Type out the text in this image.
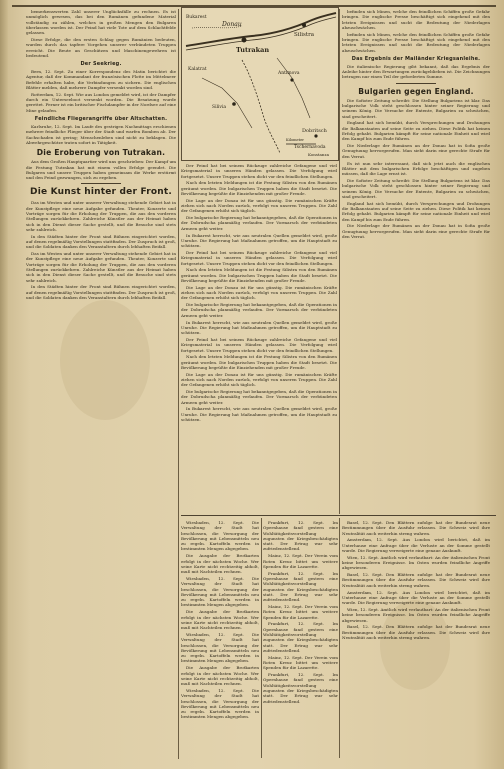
bemerkenswerten Zahl unserer Unglücksfälle zu rechnen. Es ist unmöglich gewesen, das bei den Rumänen gefundene Material vollständig zu zählen, welches in großen Mengen den Bulgaren überlassen worden ist. Der Feind hat viele Tote auf dem Schlachtfelde gelassen.

Diese Erfolge, die den ersten Schlag gegen Rumänien bedeuten, wurden durch das tapfere Vorgehen unserer verbündeten Truppen erreicht. Die Beute an Geschützen und Maschinengewehren ist bedeutend.

Der Seekrieg.

Bern, 12. Sept. Zu einer Korrespondenz des Matin berichtet die Agentur, daß der Kommandant der französischen Flotte im Mittelmeer Befehle erhalten habe, die Verbindungen zu sichern. Die englischen Blätter melden, daß mehrere Dampfer versenkt worden sind.

Rotterdam, 12. Sept. Wie aus London gemeldet wird, ist der Dampfer durch ein Unterseeboot versenkt worden. Die Besatzung wurde gerettet. Ferner ist ein britischer Fischdampfer in der Nordsee auf eine Mine gelaufen.

Feindliche Fliegerangriffe über Altschatten.

Karlsruhe, 12. Sept. Im Laufe des gestrigen Nachmittags erschienen mehrere feindliche Flieger über der Stadt und warfen Bomben ab. Der Sachschaden ist gering; Menschenleben sind nicht zu beklagen. Die Abwehrgeschütze traten sofort in Tätigkeit.

Die Eroberung von Tutrakan.

Aus dem Großen Hauptquartier wird uns geschrieben: Der Kampf um die Festung Tutrakan hat mit einem vollen Erfolge geendet. Die Bulgaren und unsere Truppen haben gemeinsam die Werke erstürmt und den Feind gezwungen, sich zu ergeben.

Die Kunst hinter der Front.

Das im Westen und unter unserer Verwaltung stehende Gebiet hat in der Kunstpflege eine neue Aufgabe gefunden. Theater, Konzerte und Vorträge sorgen für die Erholung der Truppen, die aus den vorderen Stellungen zurückkehren. Zahlreiche Künstler aus der Heimat haben sich in den Dienst dieser Sache gestellt, und die Besuche sind stets sehr zahlreich.

In den Städten hinter der Front sind Bühnen eingerichtet worden, auf denen regelmäßig Vorstellungen stattfinden. Der Zuspruch ist groß, und die Soldaten danken den Veranstaltern durch lebhaften Beifall.

Das im Westen und unter unserer Verwaltung stehende Gebiet hat in der Kunstpflege eine neue Aufgabe gefunden. Theater, Konzerte und Vorträge sorgen für die Erholung der Truppen, die aus den vorderen Stellungen zurückkehren. Zahlreiche Künstler aus der Heimat haben sich in den Dienst dieser Sache gestellt, und die Besuche sind stets sehr zahlreich.

In den Städten hinter der Front sind Bühnen eingerichtet worden, auf denen regelmäßig Vorstellungen stattfinden. Der Zuspruch ist groß, und die Soldaten danken den Veranstaltern durch lebhaften Beifall.

Donau
Tutrakan
Silistra
Dobritsch
Kalatrat
Bukarest
Silivia
Antimova
Tschernavoda
Konstanza
Kilometer

Der Feind hat bei seinem Rückzuge zahlreiche Gefangene und viel Kriegsmaterial in unseren Händen gelassen. Die Verfolgung wird fortgesetzt. Unsere Truppen stehen dicht vor den feindlichen Stellungen.

Nach den letzten Meldungen ist die Festung Silistra von den Rumänen geräumt worden. Die bulgarischen Truppen haben die Stadt besetzt. Die Bevölkerung begrüßte die Einziehenden mit großer Freude.

Die Lage an der Donau ist für uns günstig. Die rumänischen Kräfte ziehen sich nach Norden zurück, verfolgt von unseren Truppen. Die Zahl der Gefangenen erhöht sich täglich.

Die bulgarische Regierung hat bekanntgegeben, daß die Operationen in der Dobrudscha planmäßig verlaufen. Der Vormarsch der verbündeten Armeen geht weiter.

In Bukarest herrscht, wie aus neutralen Quellen gemeldet wird, große Unruhe. Die Regierung hat Maßnahmen getroffen, um die Hauptstadt zu schützen.

Der Feind hat bei seinem Rückzuge zahlreiche Gefangene und viel Kriegsmaterial in unseren Händen gelassen. Die Verfolgung wird fortgesetzt. Unsere Truppen stehen dicht vor den feindlichen Stellungen.

Nach den letzten Meldungen ist die Festung Silistra von den Rumänen geräumt worden. Die bulgarischen Truppen haben die Stadt besetzt. Die Bevölkerung begrüßte die Einziehenden mit großer Freude.

Die Lage an der Donau ist für uns günstig. Die rumänischen Kräfte ziehen sich nach Norden zurück, verfolgt von unseren Truppen. Die Zahl der Gefangenen erhöht sich täglich.

Die bulgarische Regierung hat bekanntgegeben, daß die Operationen in der Dobrudscha planmäßig verlaufen. Der Vormarsch der verbündeten Armeen geht weiter.

In Bukarest herrscht, wie aus neutralen Quellen gemeldet wird, große Unruhe. Die Regierung hat Maßnahmen getroffen, um die Hauptstadt zu schützen.

Der Feind hat bei seinem Rückzuge zahlreiche Gefangene und viel Kriegsmaterial in unseren Händen gelassen. Die Verfolgung wird fortgesetzt. Unsere Truppen stehen dicht vor den feindlichen Stellungen.

Nach den letzten Meldungen ist die Festung Silistra von den Rumänen geräumt worden. Die bulgarischen Truppen haben die Stadt besetzt. Die Bevölkerung begrüßte die Einziehenden mit großer Freude.

Die Lage an der Donau ist für uns günstig. Die rumänischen Kräfte ziehen sich nach Norden zurück, verfolgt von unseren Truppen. Die Zahl der Gefangenen erhöht sich täglich.

Die bulgarische Regierung hat bekanntgegeben, daß die Operationen in der Dobrudscha planmäßig verlaufen. Der Vormarsch der verbündeten Armeen geht weiter.

In Bukarest herrscht, wie aus neutralen Quellen gemeldet wird, große Unruhe. Die Regierung hat Maßnahmen getroffen, um die Hauptstadt zu schützen.

befinden sich Minen, welche den feindlichen Schiffen große Gefahr bringen. Die englische Presse beschäftigt sich eingehend mit den letzten Ereignissen und sucht die Bedeutung der Niederlagen abzuschwächen.

befinden sich Minen, welche den feindlichen Schiffen große Gefahr bringen. Die englische Presse beschäftigt sich eingehend mit den letzten Ereignissen und sucht die Bedeutung der Niederlagen abzuschwächen.

Das Ergebnis der Mailänder Kriegsanleihe.

Die italienische Regierung gibt bekannt, daß das Ergebnis der Anleihe hinter den Erwartungen zurückgeblieben ist. Die Zeichnungen betragen nur einen Teil der geforderten Summe.

Bulgarien gegen England.

Die Sofioter Zeitung schreibt: Die Stellung Bulgariens ist klar. Das bulgarische Volk steht geschlossen hinter seiner Regierung und seinem König. Die Versuche der Entente, Bulgarien zu schwächen, sind gescheitert.

England hat sich bemüht, durch Versprechungen und Drohungen die Balkanstaaten auf seine Seite zu ziehen. Diese Politik hat keinen Erfolg gehabt. Bulgarien kämpft für seine nationale Einheit und wird den Kampf bis zum Ende führen.

Die Niederlage der Rumänen an der Donau hat in Sofia große Genugtuung hervorgerufen. Man sieht darin eine gerechte Strafe für den Verrat.

Es ist nun sehr interessant, daß sich jetzt auch die englischen Blätter mit dem bulgarischen Erfolge beschäftigen und zugeben müssen, daß die Lage ernst ist.

Die Sofioter Zeitung schreibt: Die Stellung Bulgariens ist klar. Das bulgarische Volk steht geschlossen hinter seiner Regierung und seinem König. Die Versuche der Entente, Bulgarien zu schwächen, sind gescheitert.

England hat sich bemüht, durch Versprechungen und Drohungen die Balkanstaaten auf seine Seite zu ziehen. Diese Politik hat keinen Erfolg gehabt. Bulgarien kämpft für seine nationale Einheit und wird den Kampf bis zum Ende führen.

Die Niederlage der Rumänen an der Donau hat in Sofia große Genugtuung hervorgerufen. Man sieht darin eine gerechte Strafe für den Verrat.

Wiesbaden, 12. Sept. Die Verwaltung der Stadt hat beschlossen, die Versorgung der Bevölkerung mit Lebensmitteln neu zu regeln. Kartoffeln werden in bestimmten Mengen abgegeben.

Die Ausgabe der Brotkarten erfolgt in der nächsten Woche. Wer seine Karte nicht rechtzeitig abholt, muß mit Nachteilen rechnen.

Wiesbaden, 12. Sept. Die Verwaltung der Stadt hat beschlossen, die Versorgung der Bevölkerung mit Lebensmitteln neu zu regeln. Kartoffeln werden in bestimmten Mengen abgegeben.

Die Ausgabe der Brotkarten erfolgt in der nächsten Woche. Wer seine Karte nicht rechtzeitig abholt, muß mit Nachteilen rechnen.

Wiesbaden, 12. Sept. Die Verwaltung der Stadt hat beschlossen, die Versorgung der Bevölkerung mit Lebensmitteln neu zu regeln. Kartoffeln werden in bestimmten Mengen abgegeben.

Die Ausgabe der Brotkarten erfolgt in der nächsten Woche. Wer seine Karte nicht rechtzeitig abholt, muß mit Nachteilen rechnen.

Wiesbaden, 12. Sept. Die Verwaltung der Stadt hat beschlossen, die Versorgung der Bevölkerung mit Lebensmitteln neu zu regeln. Kartoffeln werden in bestimmten Mengen abgegeben.

Frankfurt, 12. Sept. Im Opernhause fand gestern eine Wohltätigkeitsvorstellung zugunsten der Kriegsbeschädigten statt. Der Ertrag war sehr zufriedenstellend.

Mainz, 12. Sept. Der Verein vom Roten Kreuz bittet um weitere Spenden für die Lazarette.

Frankfurt, 12. Sept. Im Opernhause fand gestern eine Wohltätigkeitsvorstellung zugunsten der Kriegsbeschädigten statt. Der Ertrag war sehr zufriedenstellend.

Mainz, 12. Sept. Der Verein vom Roten Kreuz bittet um weitere Spenden für die Lazarette.

Frankfurt, 12. Sept. Im Opernhause fand gestern eine Wohltätigkeitsvorstellung zugunsten der Kriegsbeschädigten statt. Der Ertrag war sehr zufriedenstellend.

Mainz, 12. Sept. Der Verein vom Roten Kreuz bittet um weitere Spenden für die Lazarette.

Frankfurt, 12. Sept. Im Opernhause fand gestern eine Wohltätigkeitsvorstellung zugunsten der Kriegsbeschädigten statt. Der Ertrag war sehr zufriedenstellend.

Basel, 12. Sept. Den Blättern zufolge hat der Bundesrat neue Bestimmungen über die Ausfuhr erlassen. Die Schweiz wird ihre Neutralität auch weiterhin streng wahren.

Amsterdam, 12. Sept. Aus London wird berichtet, daß im Unterhause eine Anfrage über die Verluste an der Somme gestellt wurde. Die Regierung verweigerte eine genaue Auskunft.

Wien, 12. Sept. Amtlich wird verlautbart: An der italienischen Front keine besonderen Ereignisse. Im Osten wurden feindliche Angriffe abgewiesen.

Basel, 12. Sept. Den Blättern zufolge hat der Bundesrat neue Bestimmungen über die Ausfuhr erlassen. Die Schweiz wird ihre Neutralität auch weiterhin streng wahren.

Amsterdam, 12. Sept. Aus London wird berichtet, daß im Unterhause eine Anfrage über die Verluste an der Somme gestellt wurde. Die Regierung verweigerte eine genaue Auskunft.

Wien, 12. Sept. Amtlich wird verlautbart: An der italienischen Front keine besonderen Ereignisse. Im Osten wurden feindliche Angriffe abgewiesen.

Basel, 12. Sept. Den Blättern zufolge hat der Bundesrat neue Bestimmungen über die Ausfuhr erlassen. Die Schweiz wird ihre Neutralität auch weiterhin streng wahren.
